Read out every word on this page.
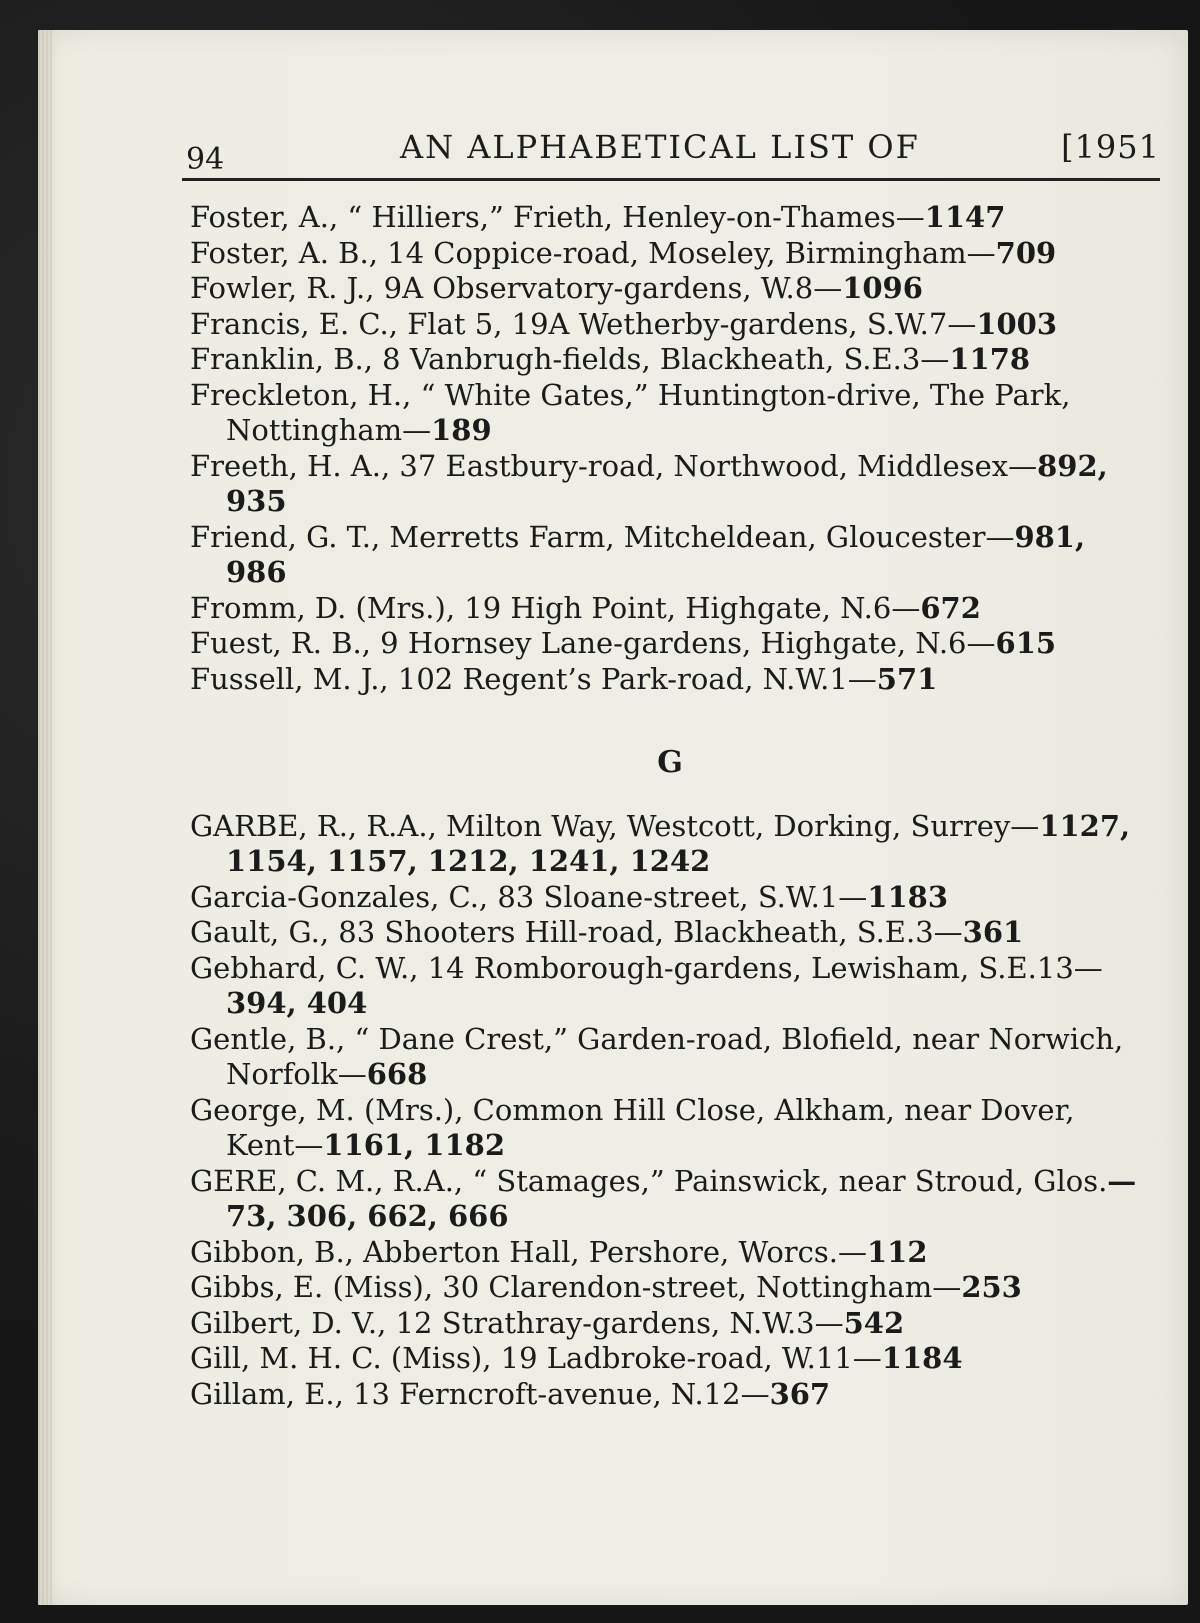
94	AN ALPHABETICAL LIST OF	[1951

Foster, A., “ Hilliers,” Frieth, Henley-on-Thames—1147

Foster, A. B., 14 Coppice-road, Moseley, Birmingham—709

Fowler, R. J., 9A Observatory-gardens, W.8—1096

Francis, E. C., Flat 5, 19A Wetherby-gardens, S.W.7—1003

Franklin, B., 8 Vanbrugh-fields, Blackheath, S.E.3—1178

Freckleton, H., “ White Gates,” Huntington-drive, The Park, Nottingham—189

Freeth, H. A., 37 Eastbury-road, Northwood, Middlesex—892, 935

Friend, G. T., Merretts Farm, Mitcheldean, Gloucester—981, 986

Fromm, D. (Mrs.), 19 High Point, Highgate, N.6—672

Fuest, R. B., 9 Hornsey Lane-gardens, Highgate, N.6—615

Fussell, M. J., 102 Regent’s Park-road, N.W.1—571

G

GARBE, R., R.A., Milton Way, Westcott, Dorking, Surrey—1127, 1154, 1157, 1212, 1241, 1242

Garcia-Gonzales, C., 83 Sloane-street, S.W.1—1183

Gault, G., 83 Shooters Hill-road, Blackheath, S.E.3—361

Gebhard, C. W., 14 Romborough-gardens, Lewisham, S.E.13—394, 404

Gentle, B., “ Dane Crest,” Garden-road, Blofield, near Norwich, Norfolk—668

George, M. (Mrs.), Common Hill Close, Alkham, near Dover, Kent—1161, 1182

GERE, C. M., R.A., “ Stamages,” Painswick, near Stroud, Glos.—73, 306, 662, 666

Gibbon, B., Abberton Hall, Pershore, Worcs.—112

Gibbs, E. (Miss), 30 Clarendon-street, Nottingham—253

Gilbert, D. V., 12 Strathray-gardens, N.W.3—542

Gill, M. H. C. (Miss), 19 Ladbroke-road, W.11—1184

Gillam, E., 13 Ferncroft-avenue, N.12—367
